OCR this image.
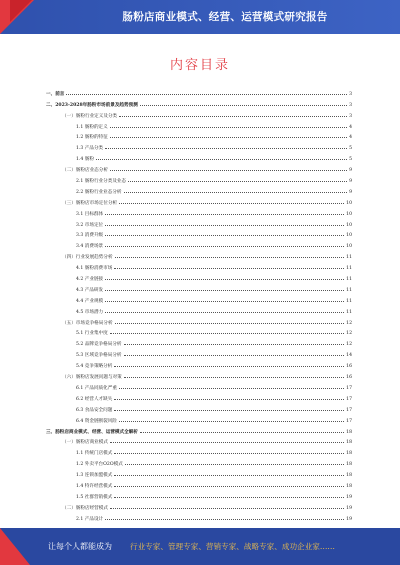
肠粉店商业模式、经营、运营模式研究报告
内容目录
一、前言	3
二、2023-2028年肠粉市场前景及趋势预测	3
（一）肠粉行业定义及分类	3
1.1 肠粉的定义	4
1.2 肠粉的特征	4
1.3 产品分类	5
1.4 肠粉	5
（二）肠粉店业态分析	9
2.1 肠粉行业分类及业态	9
2.2 肠粉行业业态分析	9
（三）肠粉店市场定位分析	10
3.1 目标群体	10
3.2 市场定位	10
3.3 消费升级	10
3.4 消费场景	10
（四）行业发展趋势分析	11
4.1 肠粉消费市场	11
4.2 产业链接	11
4.3 产品研发	11
4.4 产业规模	11
4.5 市场潜力	11
（五）市场竞争格局分析	12
5.1 行业集中度	12
5.2 品牌竞争格局分析	12
5.3 区域竞争格局分析	14
5.4 竞争策略分析	16
（六）肠粉店发展问题与对策	16
6.1 产品同质化严重	17
6.2 经营人才缺失	17
6.3 食品安全问题	17
6.4 资金链断裂风险	17
三、肠粉店商业模式、经营、运营模式全解析	18
（一）肠粉店商业模式	18
1.1 传统门店模式	18
1.2 外卖平台O2O模式	18
1.3 连锁加盟模式	18
1.4 特许经营模式	18
1.5 社群营销模式	19
（二）肠粉店经营模式	19
2.1 产品设计	19
让每个人都能成为 行业专家、管理专家、营销专家、战略专家、成功企业家……
